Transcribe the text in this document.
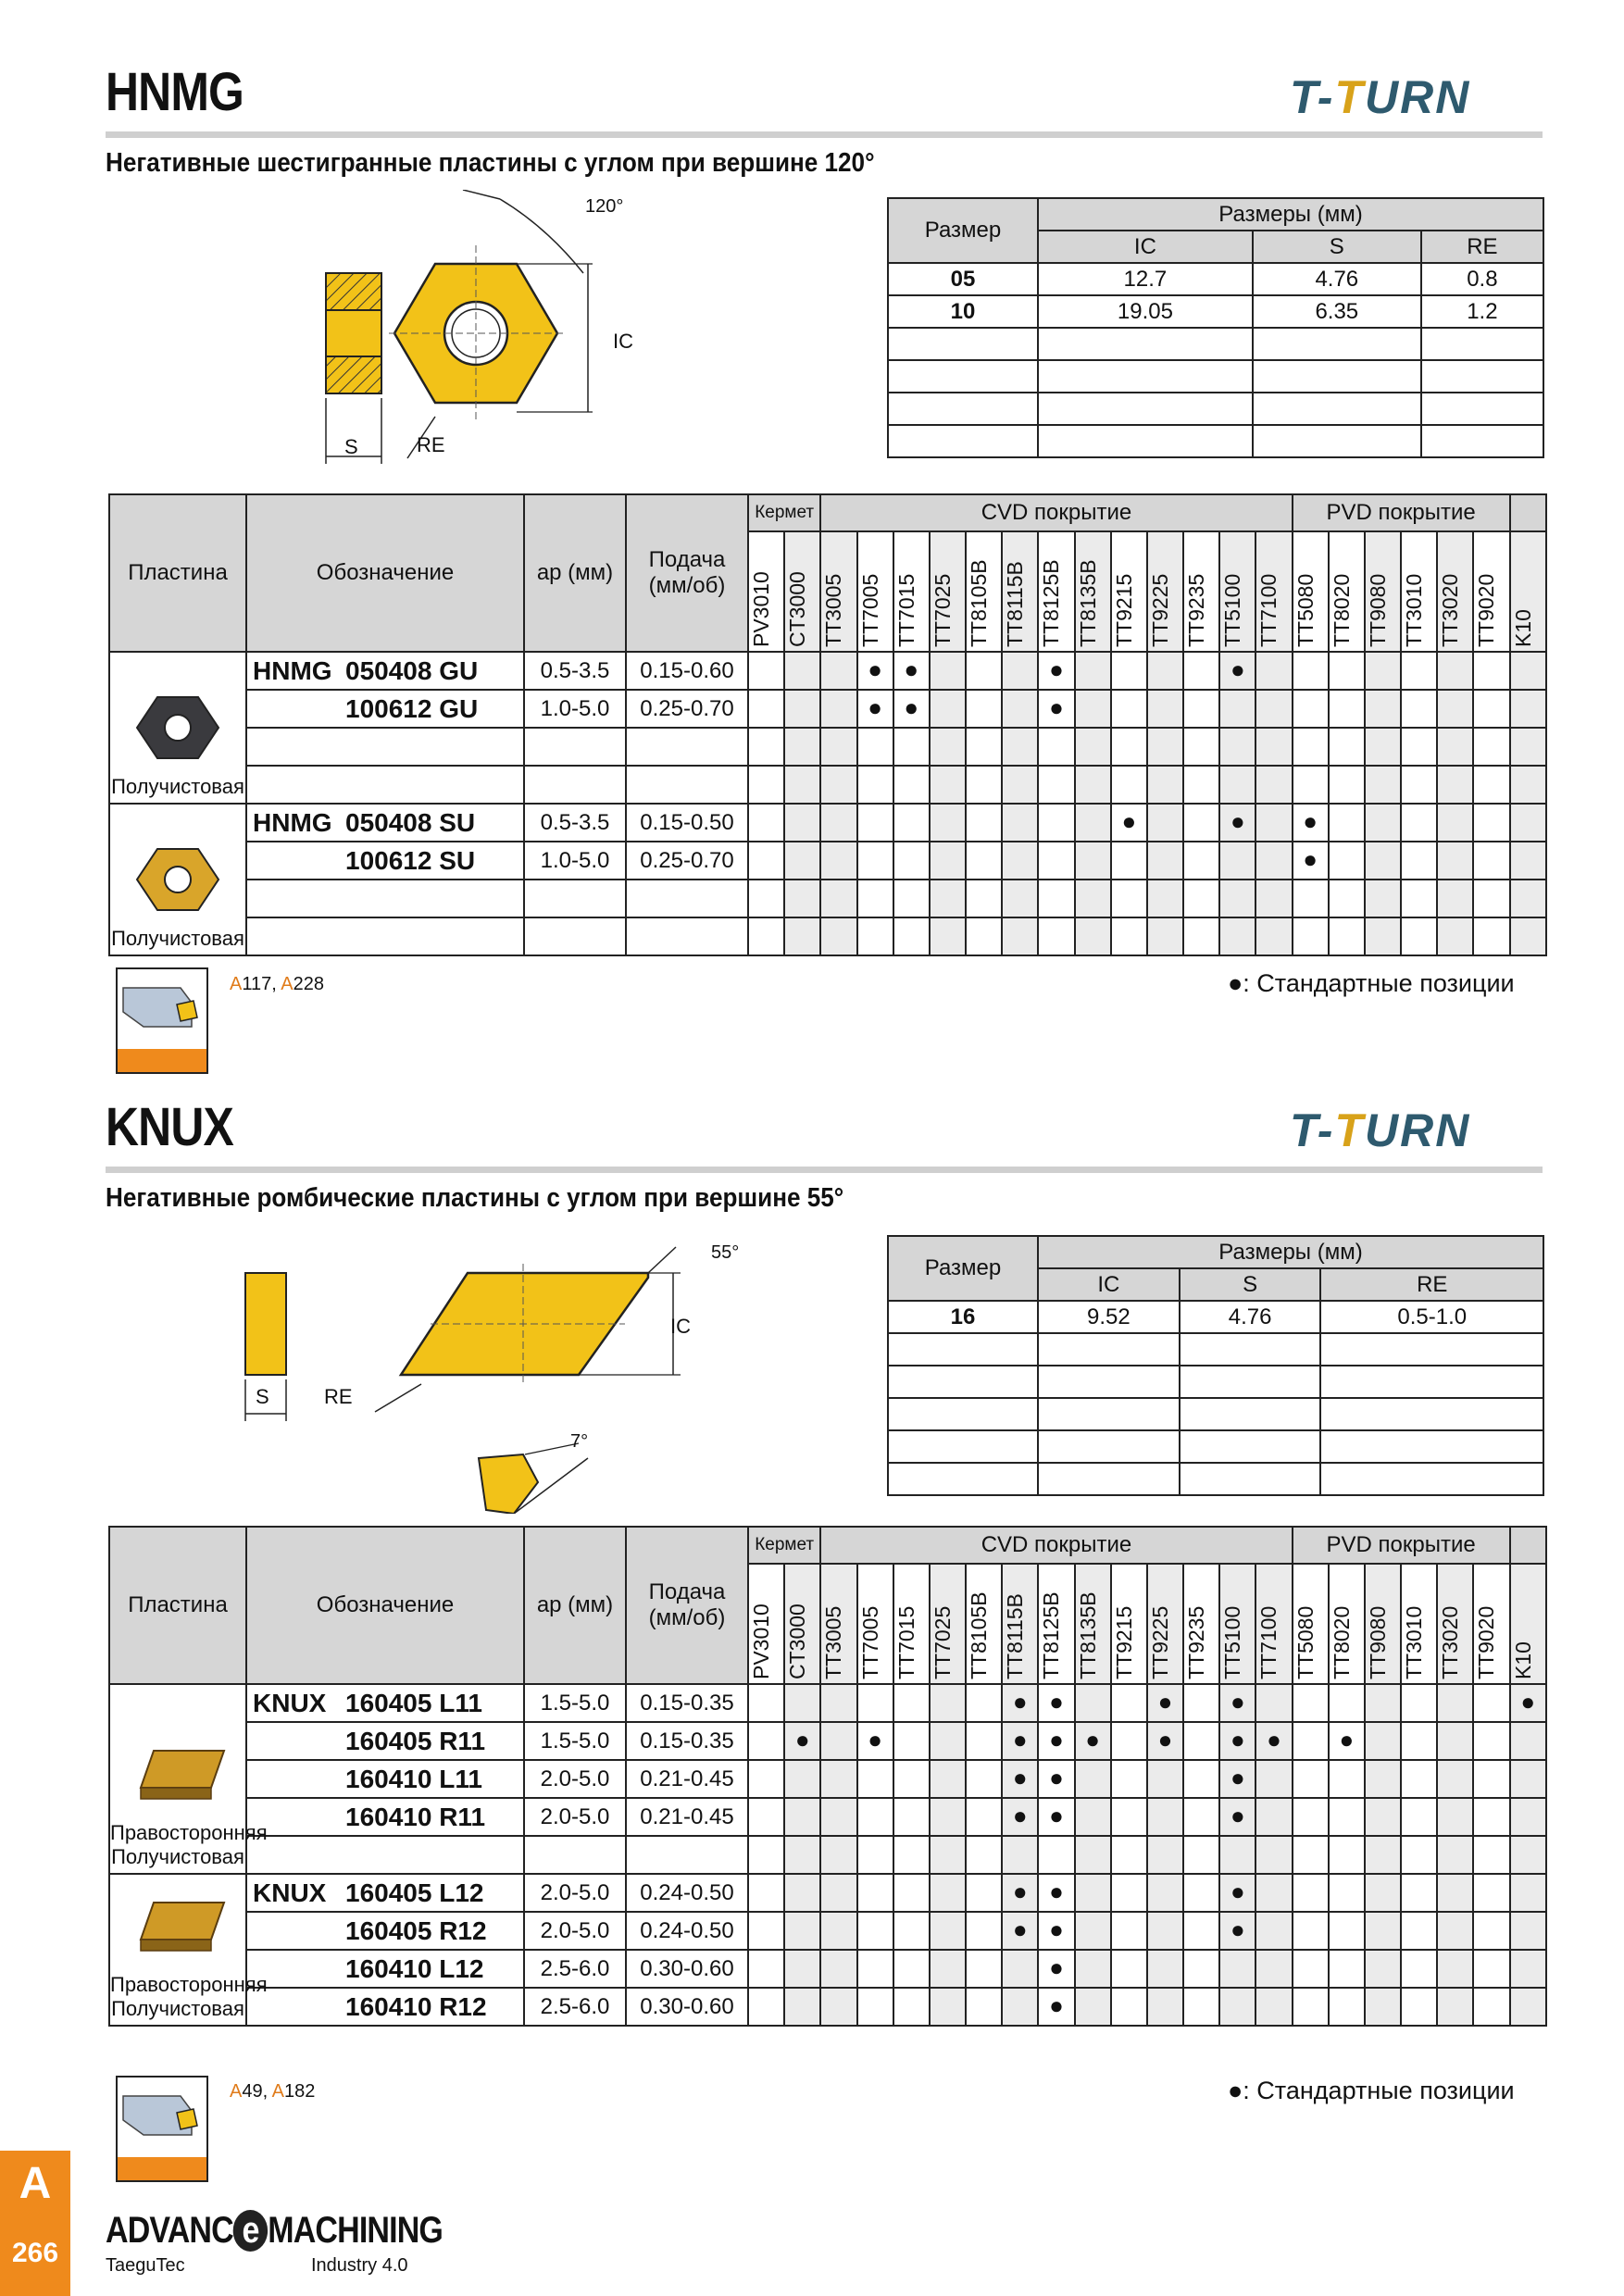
HNMG	T-TURN
Негативные шестигранные пластины с углом при вершине 120°
120°
IC
S	RE
Размер	Размеры (мм)		
	IC	S	RE
05	12.7	4.76	0.8
10	19.05	6.35	1.2

Пластина	Обозначение	ар (мм)	Подача (мм/об)	Кермет		CVD покрытие													PVD покрытие						

				PV3010	CT3000	TT3005	TT7005	TT7015	TT7025	TT8105B	TT8115B	TT8125B	TT8135B	TT9215	TT9225	TT9235	TT5100	TT7100	TT5080	TT8020	TT9080	TT3010	TT3020	TT9020	K10

Получистовая	HNMG 050408 GU	0.5-3.5	0.15-0.60				●	●				●					●								
	100612 GU	1.0-5.0	0.25-0.70				●	●				●													

Получистовая	HNMG 050408 SU	0.5-3.5	0.15-0.50											●			●		●						
	100612 SU	1.0-5.0	0.25-0.70																●						

A117, A228	●: Стандартные позиции
KNUX	T-TURN
Негативные ромбические пластины с углом при вершине 55°
55°
IC
S	RE
7°
Размер	Размеры (мм)		
	IC	S	RE
16	9.52	4.76	0.5-1.0

Пластина	Обозначение	ар (мм)	Подача (мм/об)	Кермет		CVD покрытие													PVD покрытие						

				PV3010	CT3000	TT3005	TT7005	TT7015	TT7025	TT8105B	TT8115B	TT8125B	TT8135B	TT9215	TT9225	TT9235	TT5100	TT7100	TT5080	TT8020	TT9080	TT3010	TT3020	TT9020	K10

Правосторонняя Получистовая	KNUX 160405 L11	1.5-5.0	0.15-0.35								●	●			●		●								●
	160405 R11	1.5-5.0	0.15-0.35		●		●				●	●	●		●		●	●		●					
	160410 L11	2.0-5.0	0.21-0.45								●	●					●								
	160410 R11	2.0-5.0	0.21-0.45								●	●					●								

Правосторонняя Получистовая	KNUX 160405 L12	2.0-5.0	0.24-0.50								●	●					●								
	160405 R12	2.0-5.0	0.24-0.50								●	●					●								
	160410 L12	2.5-6.0	0.30-0.60									●													
	160410 R12	2.5-6.0	0.30-0.60									●													
A49, A182	●: Стандартные позиции
A
266
ADVANC e MACHINING
TaeguTec	Industry 4.0
